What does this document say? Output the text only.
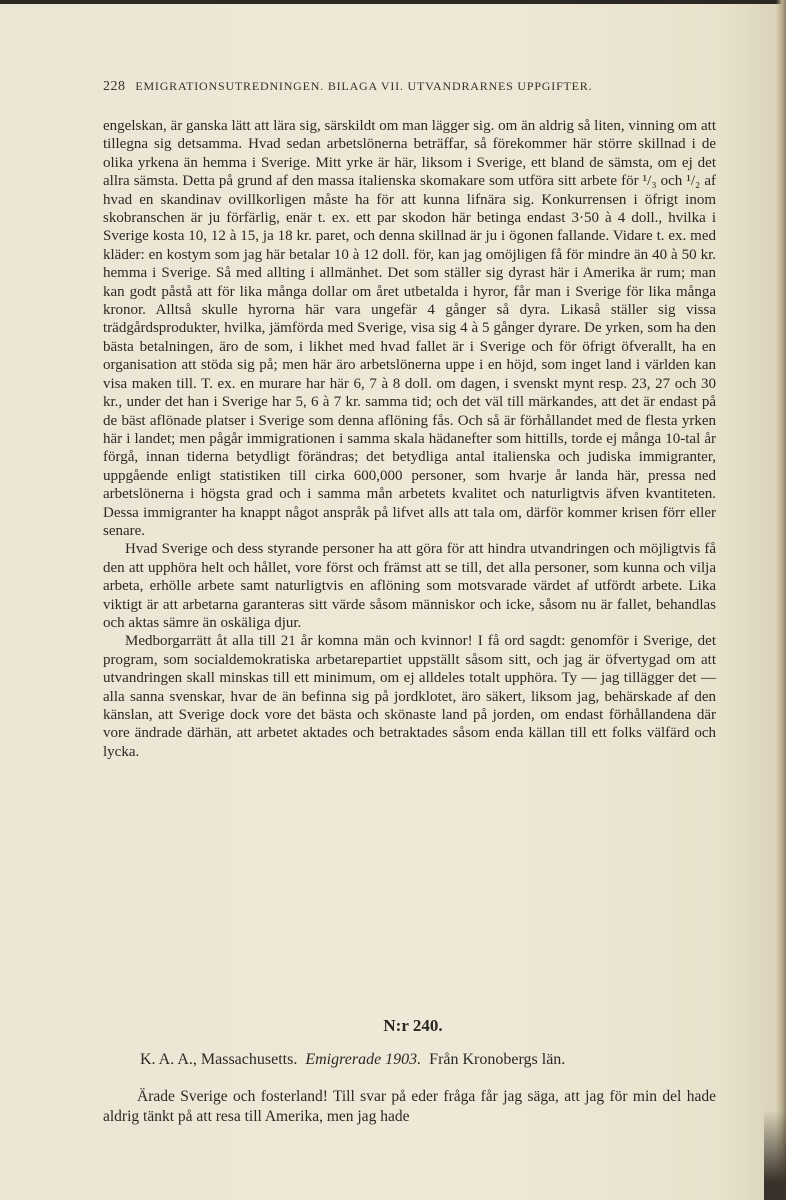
228 EMIGRATIONSUTREDNINGEN. BILAGA VII. UTVANDRARNES UPPGIFTER.

engelskan, är ganska lätt att lära sig, särskildt om man lägger sig. om än aldrig så liten, vinning om att tillegna sig detsamma. Hvad sedan arbetslönerna beträffar, så förekommer här större skillnad i de olika yrkena än hemma i Sverige. Mitt yrke är här, liksom i Sverige, ett bland de sämsta, om ej det allra sämsta. Detta på grund af den massa italienska skomakare som utföra sitt arbete för ¹/₃ och ¹/₂ af hvad en skandinav ovillkorligen måste ha för att kunna lifnära sig. Konkurrensen i öfrigt inom skobranschen är ju förfärlig, enär t. ex. ett par skodon här betinga endast 3·50 à 4 doll., hvilka i Sverige kosta 10, 12 à 15, ja 18 kr. paret, och denna skillnad är ju i ögonen fallande. Vidare t. ex. med kläder: en kostym som jag här betalar 10 à 12 doll. för, kan jag omöjligen få för mindre än 40 à 50 kr. hemma i Sverige. Så med allting i allmänhet. Det som ställer sig dyrast här i Amerika är rum; man kan godt påstå att för lika många dollar om året utbetalda i hyror, får man i Sverige för lika många kronor. Alltså skulle hyrorna här vara ungefär 4 gånger så dyra. Likaså ställer sig vissa trädgårdsprodukter, hvilka, jämförda med Sverige, visa sig 4 à 5 gånger dyrare. De yrken, som ha den bästa betalningen, äro de som, i likhet med hvad fallet är i Sverige och för öfrigt öfverallt, ha en organisation att stöda sig på; men här äro arbetslönerna uppe i en höjd, som inget land i världen kan visa maken till. T. ex. en murare har här 6, 7 à 8 doll. om dagen, i svenskt mynt resp. 23, 27 och 30 kr., under det han i Sverige har 5, 6 à 7 kr. samma tid; och det väl till märkandes, att det är endast på de bäst aflönade platser i Sverige som denna aflöning fås. Och så är förhållandet med de flesta yrken här i landet; men pågår immigrationen i samma skala hädanefter som hittills, torde ej många 10-tal år förgå, innan tiderna betydligt förändras; det betydliga antal italienska och judiska immigranter, uppgående enligt statistiken till cirka 600,000 personer, som hvarje år landa här, pressa ned arbetslönerna i högsta grad och i samma mån arbetets kvalitet och naturligtvis äfven kvantiteten. Dessa immigranter ha knappt något anspråk på lifvet alls att tala om, därför kommer krisen förr eller senare.

Hvad Sverige och dess styrande personer ha att göra för att hindra utvandringen och möjligtvis få den att upphöra helt och hållet, vore först och främst att se till, det alla personer, som kunna och vilja arbeta, erhölle arbete samt naturligtvis en aflöning som motsvarade värdet af utfördt arbete. Lika viktigt är att arbetarna garanteras sitt värde såsom människor och icke, såsom nu är fallet, behandlas och aktas sämre än oskäliga djur.

Medborgarrätt åt alla till 21 år komna män och kvinnor! I få ord sagdt: genomför i Sverige, det program, som socialdemokratiska arbetarepartiet uppställt såsom sitt, och jag är öfvertygad om att utvandringen skall minskas till ett minimum, om ej alldeles totalt upphöra. Ty — jag tillägger det — alla sanna svenskar, hvar de än befinna sig på jordklotet, äro säkert, liksom jag, behärskade af den känslan, att Sverige dock vore det bästa och skönaste land på jorden, om endast förhållandena där vore ändrade därhän, att arbetet aktades och betraktades såsom enda källan till ett folks välfärd och lycka.

N:r 240.
K. A. A., Massachusetts. Emigrerade 1903. Från Kronobergs län.

Ärade Sverige och fosterland! Till svar på eder fråga får jag säga, att jag för min del hade aldrig tänkt på att resa till Amerika, men jag hade
